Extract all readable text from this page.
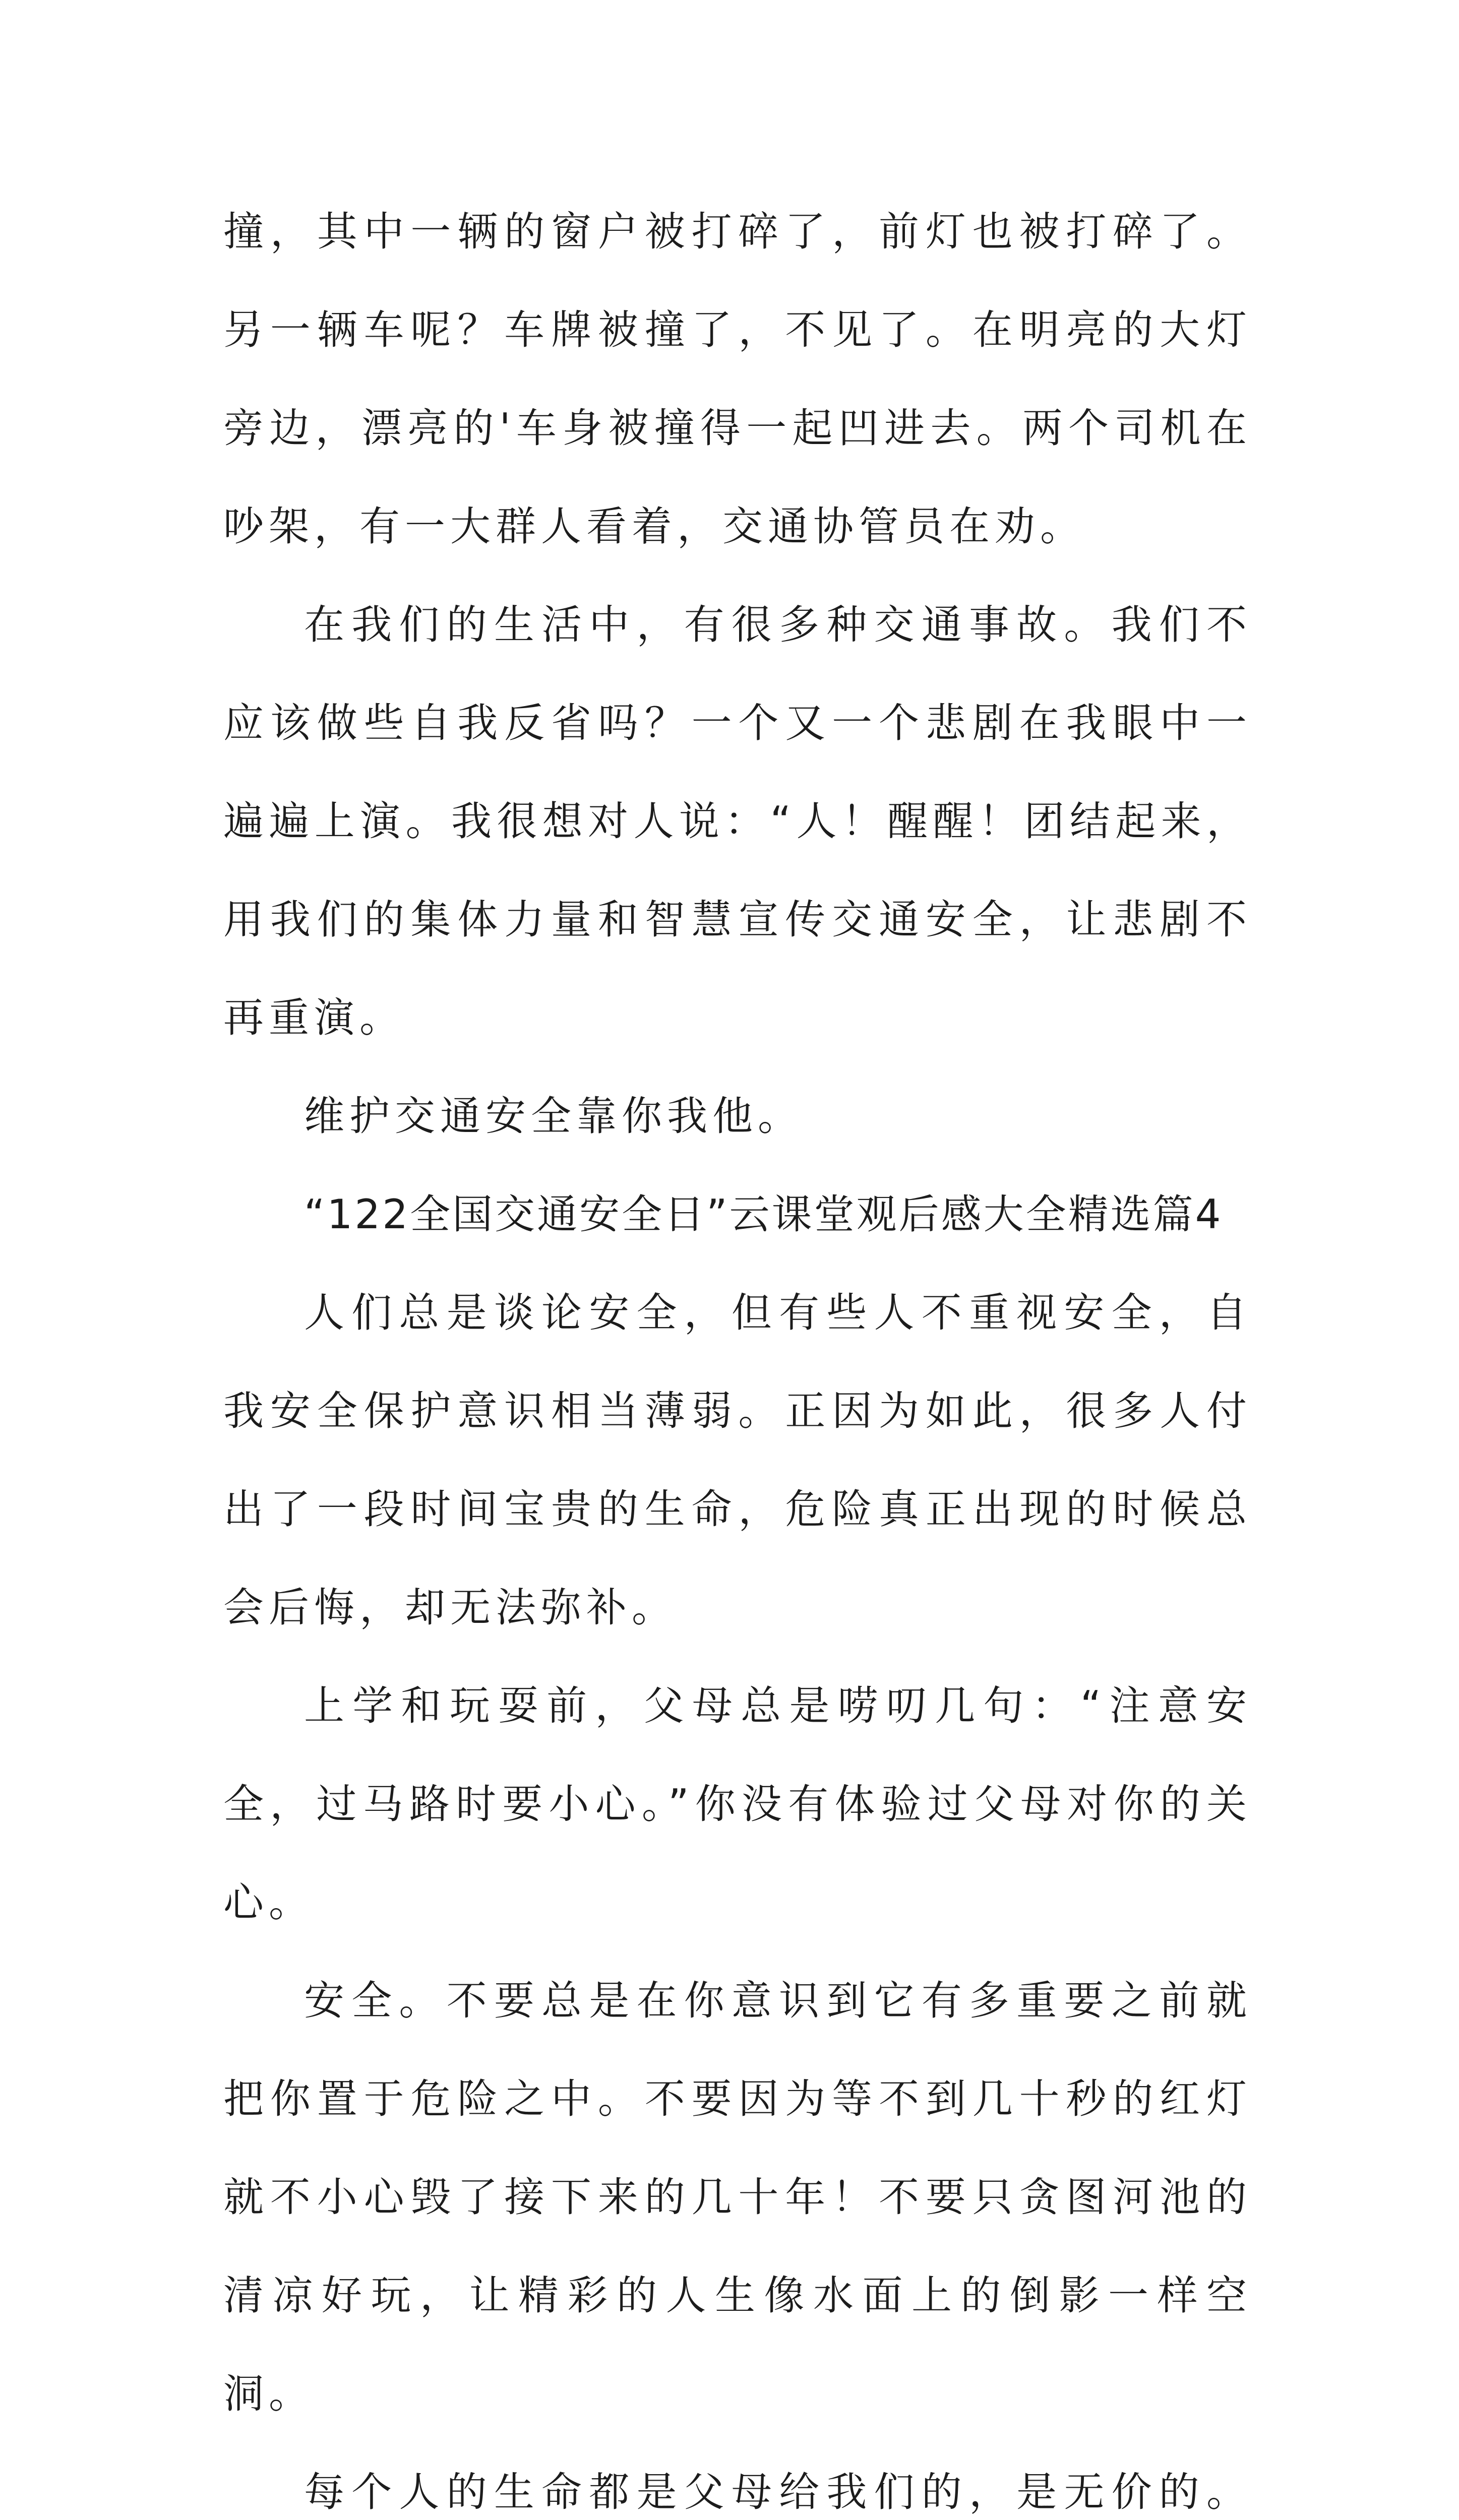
撞，其中一辆的窗户被打碎了，前灯也被打碎了。另一辆车呢？车牌被撞了，不见了。在明亮的大灯旁边，漂亮的'车身被撞得一起凹进去。两个司机在吵架，有一大群人看着，交通协管员在劝。

在我们的生活中，有很多种交通事故。我们不应该做些自我反省吗？一个又一个悲剧在我眼中一遍遍上演。我很想对人说：“人！醒醒！团结起来，用我们的集体力量和智慧宣传交通安全，让悲剧不再重演。

维护交通安全靠你我他。

“122全国交通安全日”云课堂观后感大全精选篇4

人们总是谈论安全，但有些人不重视安全，自我安全保护意识相当薄弱。正因为如此，很多人付出了一段时间宝贵的生命，危险真正出现的时候总会后悔，却无法弥补。

上学和玩耍前，父母总是唠叨几句：“注意安全，过马路时要小心。”你没有体验过父母对你的关心。

安全。不要总是在你意识到它有多重要之前就把你置于危险之中。不要因为等不到几十秒的红灯就不小心毁了接下来的几十年！不要只贪图河池的清凉好玩，让精彩的人生像水面上的倒影一样空洞。

每个人的生命都是父母给我们的，是无价的。
